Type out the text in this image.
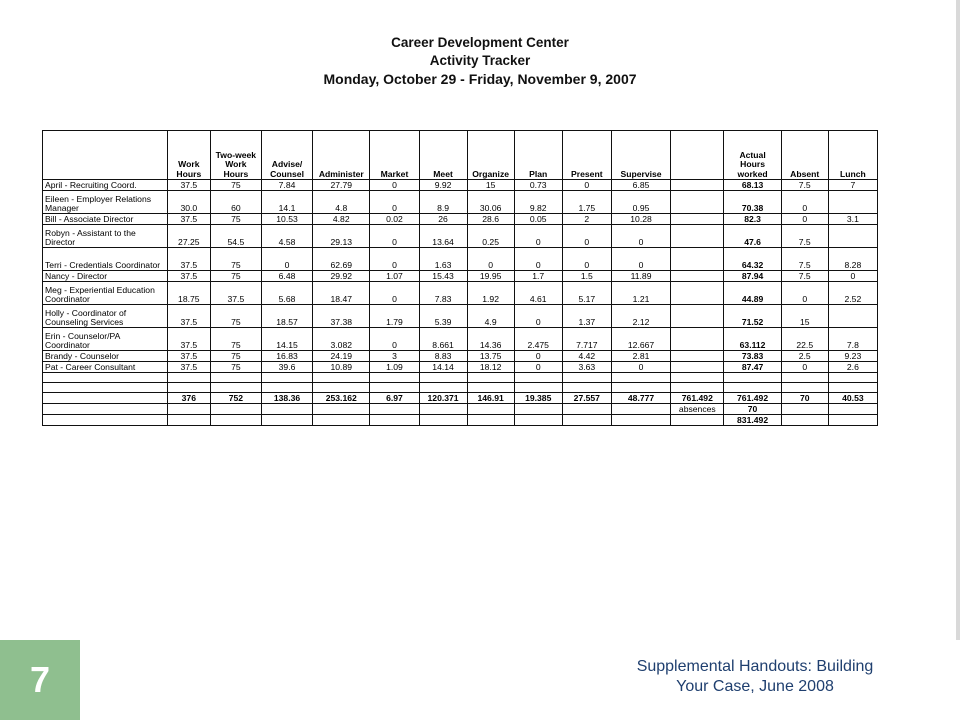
Career Development Center
Activity Tracker
Monday, October 29 - Friday, November 9, 2007
	Work Hours	Two-week Work Hours	Advise/ Counsel	Administer	Market	Meet	Organize	Plan	Present	Supervise		Actual Hours worked	Absent	Lunch
April - Recruiting Coord.	37.5	75	7.84	27.79	0	9.92	15	0.73	0	6.85		68.13	7.5	7
Eileen - Employer Relations Manager	30.0	60	14.1	4.8	0	8.9	30.06	9.82	1.75	0.95		70.38	0	
Bill - Associate Director	37.5	75	10.53	4.82	0.02	26	28.6	0.05	2	10.28		82.3	0	3.1
Robyn - Assistant to the Director	27.25	54.5	4.58	29.13	0	13.64	0.25	0	0	0		47.6	7.5	
Terri - Credentials Coordinator	37.5	75	0	62.69	0	1.63	0	0	0	0		64.32	7.5	8.28
Nancy - Director	37.5	75	6.48	29.92	1.07	15.43	19.95	1.7	1.5	11.89		87.94	7.5	0
Meg - Experiential Education Coordinator	18.75	37.5	5.68	18.47	0	7.83	1.92	4.61	5.17	1.21		44.89	0	2.52
Holly - Coordinator of Counseling Services	37.5	75	18.57	37.38	1.79	5.39	4.9	0	1.37	2.12		71.52	15	
Erin - Counselor/PA Coordinator	37.5	75	14.15	3.082	0	8.661	14.36	2.475	7.717	12.667		63.112	22.5	7.8
Brandy - Counselor	37.5	75	16.83	24.19	3	8.83	13.75	0	4.42	2.81		73.83	2.5	9.23
Pat - Career Consultant	37.5	75	39.6	10.89	1.09	14.14	18.12	0	3.63	0		87.47	0	2.6

	376	752	138.36	253.162	6.97	120.371	146.91	19.385	27.557	48.777	761.492	761.492	70	40.53
											absences	70		
												831.492		
7	Supplemental Handouts: Building
Your Case, June 2008
